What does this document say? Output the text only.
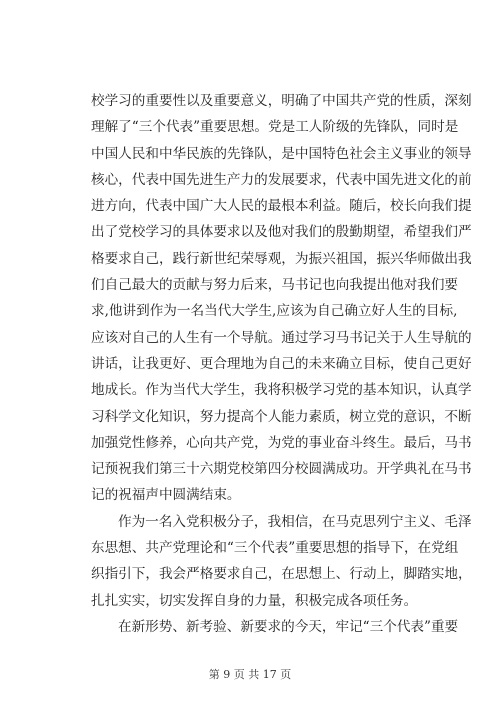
校学习的重要性以及重要意义，明确了中国共产党的性质，深刻
理解了“三个代表”重要思想。党是工人阶级的先锋队，同时是
中国人民和中华民族的先锋队，是中国特色社会主义事业的领导
核心，代表中国先进生产力的发展要求，代表中国先进文化的前
进方向，代表中国广大人民的最根本利益。随后，校长向我们提
出了党校学习的具体要求以及他对我们的殷勤期望，希望我们严
格要求自己，践行新世纪荣辱观，为振兴祖国，振兴华师做出我
们自己最大的贡献与努力后来，马书记也向我提出他对我们要
求,他讲到作为一名当代大学生,应该为自己确立好人生的目标,
应该对自己的人生有一个导航。通过学习马书记关于人生导航的
讲话，让我更好、更合理地为自己的未来确立目标，使自己更好
地成长。作为当代大学生，我将积极学习党的基本知识，认真学
习科学文化知识，努力提高个人能力素质，树立党的意识，不断
加强党性修养，心向共产党，为党的事业奋斗终生。最后，马书
记预祝我们第三十六期党校第四分校圆满成功。开学典礼在马书
记的祝福声中圆满结束。
作为一名入党积极分子，我相信，在马克思列宁主义、毛泽
东思想、共产党理论和“三个代表”重要思想的指导下，在党组
织指引下，我会严格要求自己，在思想上、行动上，脚踏实地，
扎扎实实，切实发挥自身的力量，积极完成各项任务。
在新形势、新考验、新要求的今天，牢记“三个代表”重要
第 9 页 共 17 页
